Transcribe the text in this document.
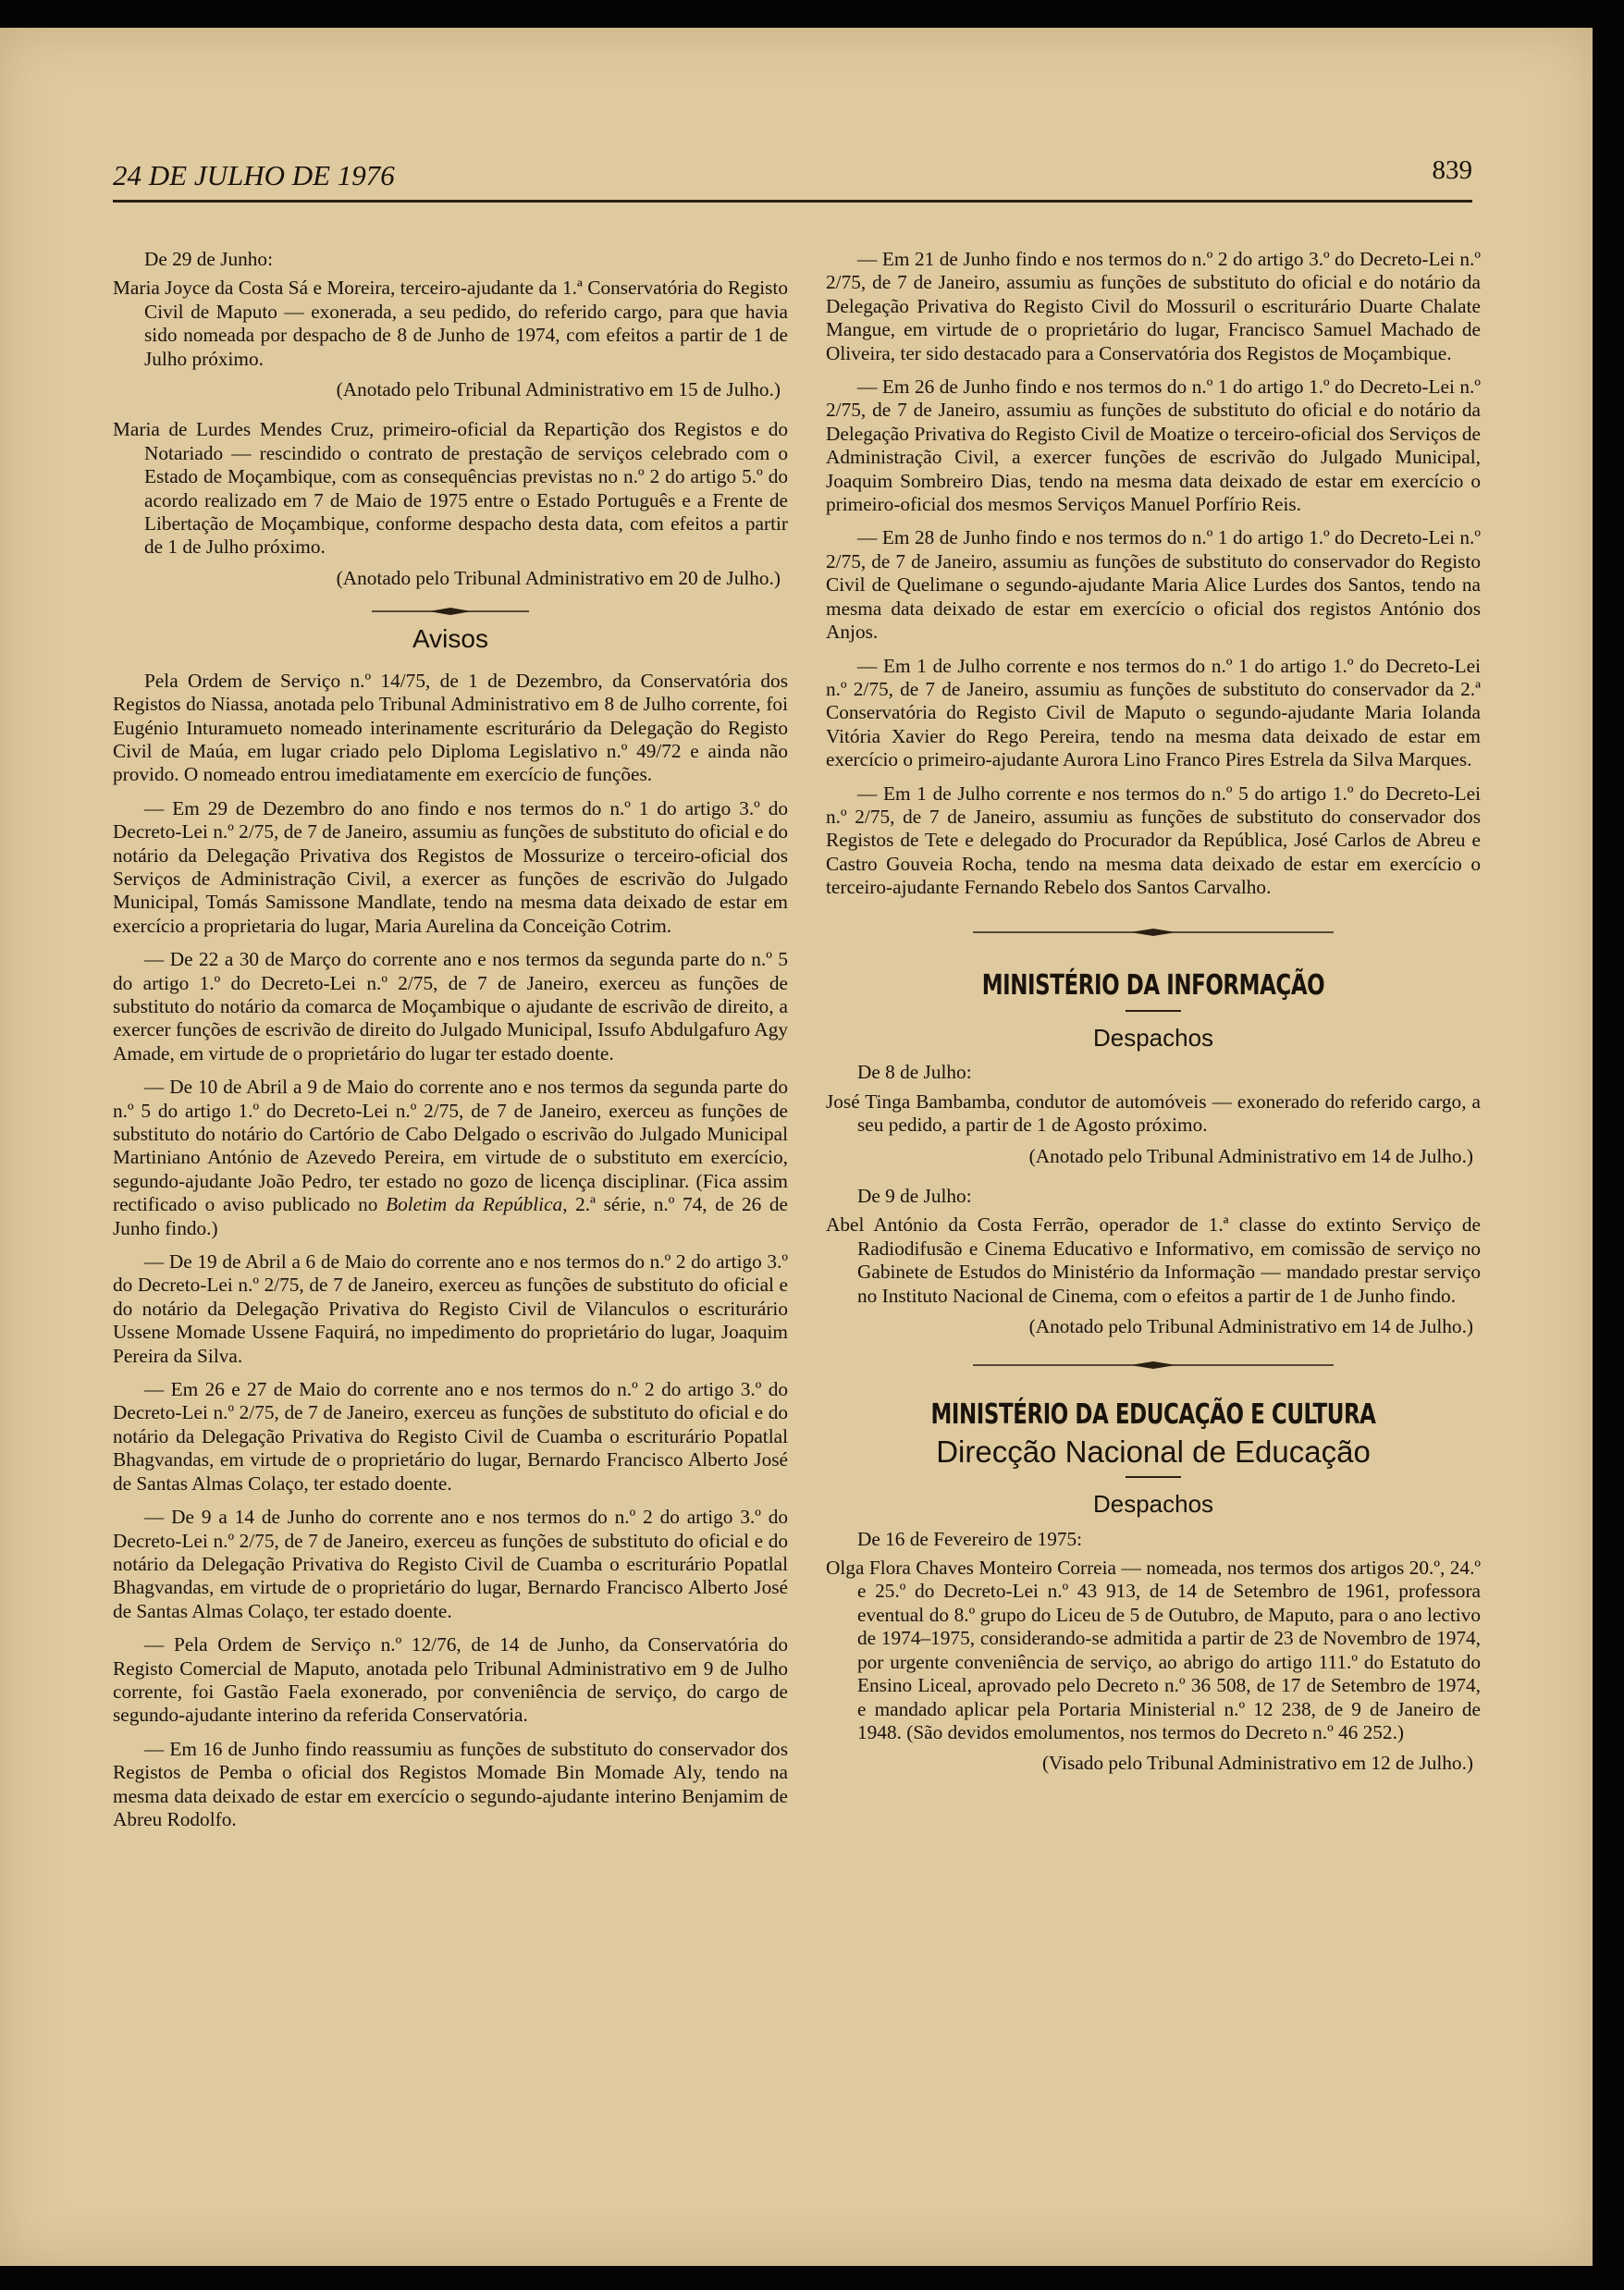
24 DE JULHO DE 1976	839
De 29 de Junho:
Maria Joyce da Costa Sá e Moreira, terceiro-ajudante da 1.ª Conservatória do Registo Civil de Maputo — exonerada, a seu pedido, do referido cargo, para que havia sido nomeada por despacho de 8 de Junho de 1974, com efeitos a partir de 1 de Julho próximo.
(Anotado pelo Tribunal Administrativo em 15 de Julho.)
Maria de Lurdes Mendes Cruz, primeiro-oficial da Repartição dos Registos e do Notariado — rescindido o contrato de prestação de serviços celebrado com o Estado de Moçambique, com as consequências previstas no n.º 2 do artigo 5.º do acordo realizado em 7 de Maio de 1975 entre o Estado Português e a Frente de Libertação de Moçambique, conforme despacho desta data, com efeitos a partir de 1 de Julho próximo.
(Anotado pelo Tribunal Administrativo em 20 de Julho.)
Avisos

Pela Ordem de Serviço n.º 14/75, de 1 de Dezembro, da Conservatória dos Registos do Niassa, anotada pelo Tribunal Administrativo em 8 de Julho corrente, foi Eugénio Inturamueto nomeado interinamente escriturário da Delegação do Registo Civil de Maúa, em lugar criado pelo Diploma Legislativo n.º 49/72 e ainda não provido. O nomeado entrou imediatamente em exercício de funções.

— Em 29 de Dezembro do ano findo e nos termos do n.º 1 do artigo 3.º do Decreto-Lei n.º 2/75, de 7 de Janeiro, assumiu as funções de substituto do oficial e do notário da Delegação Privativa dos Registos de Mossurize o terceiro-oficial dos Serviços de Administração Civil, a exercer as funções de escrivão do Julgado Municipal, Tomás Samissone Mandlate, tendo na mesma data deixado de estar em exercício a proprietaria do lugar, Maria Aurelina da Conceição Cotrim.

— De 22 a 30 de Março do corrente ano e nos termos da segunda parte do n.º 5 do artigo 1.º do Decreto-Lei n.º 2/75, de 7 de Janeiro, exerceu as funções de substituto do notário da comarca de Moçambique o ajudante de escrivão de direito, a exercer funções de escrivão de direito do Julgado Municipal, Issufo Abdulgafuro Agy Amade, em virtude de o proprietário do lugar ter estado doente.

— De 10 de Abril a 9 de Maio do corrente ano e nos termos da segunda parte do n.º 5 do artigo 1.º do Decreto-Lei n.º 2/75, de 7 de Janeiro, exerceu as funções de substituto do notário do Cartório de Cabo Delgado o escrivão do Julgado Municipal Martiniano António de Azevedo Pereira, em virtude de o substituto em exercício, segundo-ajudante João Pedro, ter estado no gozo de licença disciplinar. (Fica assim rectificado o aviso publicado no Boletim da República, 2.ª série, n.º 74, de 26 de Junho findo.)

— De 19 de Abril a 6 de Maio do corrente ano e nos termos do n.º 2 do artigo 3.º do Decreto-Lei n.º 2/75, de 7 de Janeiro, exerceu as funções de substituto do oficial e do notário da Delegação Privativa do Registo Civil de Vilanculos o escriturário Ussene Momade Ussene Faquirá, no impedimento do proprietário do lugar, Joaquim Pereira da Silva.

— Em 26 e 27 de Maio do corrente ano e nos termos do n.º 2 do artigo 3.º do Decreto-Lei n.º 2/75, de 7 de Janeiro, exerceu as funções de substituto do oficial e do notário da Delegação Privativa do Registo Civil de Cuamba o escriturário Popatlal Bhagvandas, em virtude de o proprietário do lugar, Bernardo Francisco Alberto José de Santas Almas Colaço, ter estado doente.

— De 9 a 14 de Junho do corrente ano e nos termos do n.º 2 do artigo 3.º do Decreto-Lei n.º 2/75, de 7 de Janeiro, exerceu as funções de substituto do oficial e do notário da Delegação Privativa do Registo Civil de Cuamba o escriturário Popatlal Bhagvandas, em virtude de o proprietário do lugar, Bernardo Francisco Alberto José de Santas Almas Colaço, ter estado doente.

— Pela Ordem de Serviço n.º 12/76, de 14 de Junho, da Conservatória do Registo Comercial de Maputo, anotada pelo Tribunal Administrativo em 9 de Julho corrente, foi Gastão Faela exonerado, por conveniência de serviço, do cargo de segundo-ajudante interino da referida Conservatória.

— Em 16 de Junho findo reassumiu as funções de substituto do conservador dos Registos de Pemba o oficial dos Registos Momade Bin Momade Aly, tendo na mesma data deixado de estar em exercício o segundo-ajudante interino Benjamim de Abreu Rodolfo.

— Em 21 de Junho findo e nos termos do n.º 2 do artigo 3.º do Decreto-Lei n.º 2/75, de 7 de Janeiro, assumiu as funções de substituto do oficial e do notário da Delegação Privativa do Registo Civil do Mossuril o escriturário Duarte Chalate Mangue, em virtude de o proprietário do lugar, Francisco Samuel Machado de Oliveira, ter sido destacado para a Conservatória dos Registos de Moçambique.

— Em 26 de Junho findo e nos termos do n.º 1 do artigo 1.º do Decreto-Lei n.º 2/75, de 7 de Janeiro, assumiu as funções de substituto do oficial e do notário da Delegação Privativa do Registo Civil de Moatize o terceiro-oficial dos Serviços de Administração Civil, a exercer funções de escrivão do Julgado Municipal, Joaquim Sombreiro Dias, tendo na mesma data deixado de estar em exercício o primeiro-oficial dos mesmos Serviços Manuel Porfírio Reis.

— Em 28 de Junho findo e nos termos do n.º 1 do artigo 1.º do Decreto-Lei n.º 2/75, de 7 de Janeiro, assumiu as funções de substituto do conservador do Registo Civil de Quelimane o segundo-ajudante Maria Alice Lurdes dos Santos, tendo na mesma data deixado de estar em exercício o oficial dos registos António dos Anjos.

— Em 1 de Julho corrente e nos termos do n.º 1 do artigo 1.º do Decreto-Lei n.º 2/75, de 7 de Janeiro, assumiu as funções de substituto do conservador da 2.ª Conservatória do Registo Civil de Maputo o segundo-ajudante Maria Iolanda Vitória Xavier do Rego Pereira, tendo na mesma data deixado de estar em exercício o primeiro-ajudante Aurora Lino Franco Pires Estrela da Silva Marques.

— Em 1 de Julho corrente e nos termos do n.º 5 do artigo 1.º do Decreto-Lei n.º 2/75, de 7 de Janeiro, assumiu as funções de substituto do conservador dos Registos de Tete e delegado do Procurador da República, José Carlos de Abreu e Castro Gouveia Rocha, tendo na mesma data deixado de estar em exercício o terceiro-ajudante Fernando Rebelo dos Santos Carvalho.

MINISTÉRIO DA INFORMAÇÃO
Despachos
De 8 de Julho:
José Tinga Bambamba, condutor de automóveis — exonerado do referido cargo, a seu pedido, a partir de 1 de Agosto próximo.
(Anotado pelo Tribunal Administrativo em 14 de Julho.)
De 9 de Julho:
Abel António da Costa Ferrão, operador de 1.ª classe do extinto Serviço de Radiodifusão e Cinema Educativo e Informativo, em comissão de serviço no Gabinete de Estudos do Ministério da Informação — mandado prestar serviço no Instituto Nacional de Cinema, com o efeitos a partir de 1 de Junho findo.
(Anotado pelo Tribunal Administrativo em 14 de Julho.)
MINISTÉRIO DA EDUCAÇÃO E CULTURA
Direcção Nacional de Educação
Despachos
De 16 de Fevereiro de 1975:
Olga Flora Chaves Monteiro Correia — nomeada, nos termos dos artigos 20.º, 24.º e 25.º do Decreto-Lei n.º 43 913, de 14 de Setembro de 1961, professora eventual do 8.º grupo do Liceu de 5 de Outubro, de Maputo, para o ano lectivo de 1974–1975, considerando-se admitida a partir de 23 de Novembro de 1974, por urgente conveniência de serviço, ao abrigo do artigo 111.º do Estatuto do Ensino Liceal, aprovado pelo Decreto n.º 36 508, de 17 de Setembro de 1974, e mandado aplicar pela Portaria Ministerial n.º 12 238, de 9 de Janeiro de 1948. (São devidos emolumentos, nos termos do Decreto n.º 46 252.)
(Visado pelo Tribunal Administrativo em 12 de Julho.)
